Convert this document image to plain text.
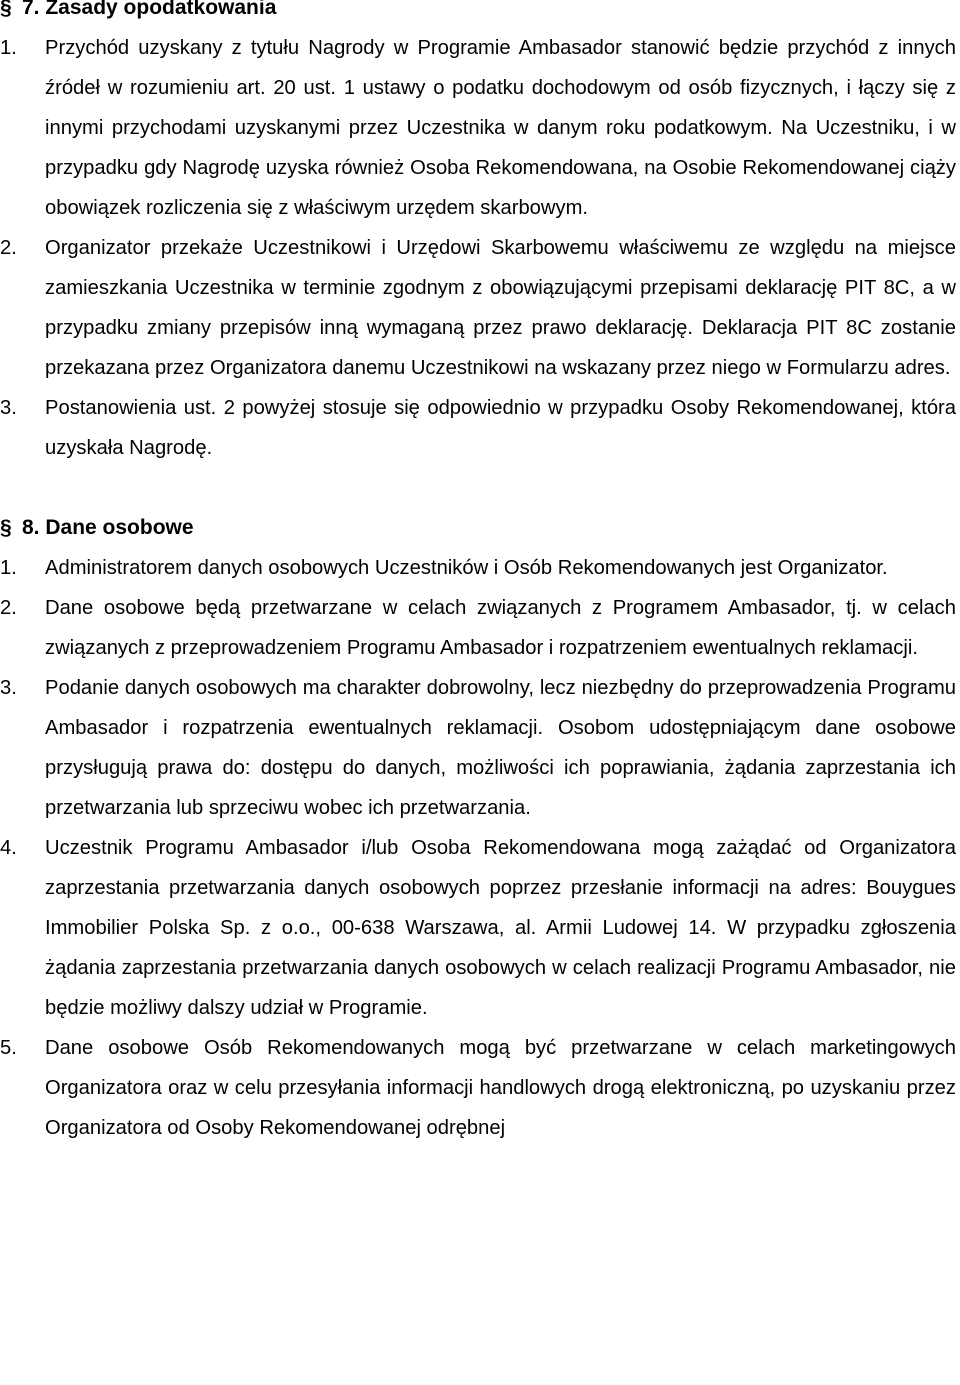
§ 7. Zasady opodatkowania

1. Przychód uzyskany z tytułu Nagrody w Programie Ambasador stanowić będzie przychód z innych źródeł w rozumieniu art. 20 ust. 1 ustawy o podatku dochodowym od osób fizycznych, i łączy się z innymi przychodami uzyskanymi przez Uczestnika w danym roku podatkowym. Na Uczestniku, i w przypadku gdy Nagrodę uzyska również Osoba Rekomendowana, na Osobie Rekomendowanej ciąży obowiązek rozliczenia się z właściwym urzędem skarbowym.

2. Organizator przekaże Uczestnikowi i Urzędowi Skarbowemu właściwemu ze względu na miejsce zamieszkania Uczestnika w terminie zgodnym z obowiązującymi przepisami deklarację PIT 8C, a w przypadku zmiany przepisów inną wymaganą przez prawo deklarację. Deklaracja PIT 8C zostanie przekazana przez Organizatora danemu Uczestnikowi na wskazany przez niego w Formularzu adres.

3. Postanowienia ust. 2 powyżej stosuje się odpowiednio w przypadku Osoby Rekomendowanej, która uzyskała Nagrodę.

§ 8. Dane osobowe

1. Administratorem danych osobowych Uczestników i Osób Rekomendowanych jest Organizator.

2. Dane osobowe będą przetwarzane w celach związanych z Programem Ambasador, tj. w celach związanych z przeprowadzeniem Programu Ambasador i rozpatrzeniem ewentualnych reklamacji.

3. Podanie danych osobowych ma charakter dobrowolny, lecz niezbędny do przeprowadzenia Programu Ambasador i rozpatrzenia ewentualnych reklamacji. Osobom udostępniającym dane osobowe przysługują prawa do: dostępu do danych, możliwości ich poprawiania, żądania zaprzestania ich przetwarzania lub sprzeciwu wobec ich przetwarzania.

4. Uczestnik Programu Ambasador i/lub Osoba Rekomendowana mogą zażądać od Organizatora zaprzestania przetwarzania danych osobowych poprzez przesłanie informacji na adres: Bouygues Immobilier Polska Sp. z o.o., 00-638 Warszawa, al. Armii Ludowej 14. W przypadku zgłoszenia żądania zaprzestania przetwarzania danych osobowych w celach realizacji Programu Ambasador, nie będzie możliwy dalszy udział w Programie.

5. Dane osobowe Osób Rekomendowanych mogą być przetwarzane w celach marketingowych Organizatora oraz w celu przesyłania informacji handlowych drogą elektroniczną, po uzyskaniu przez Organizatora od Osoby Rekomendowanej odrębnej
